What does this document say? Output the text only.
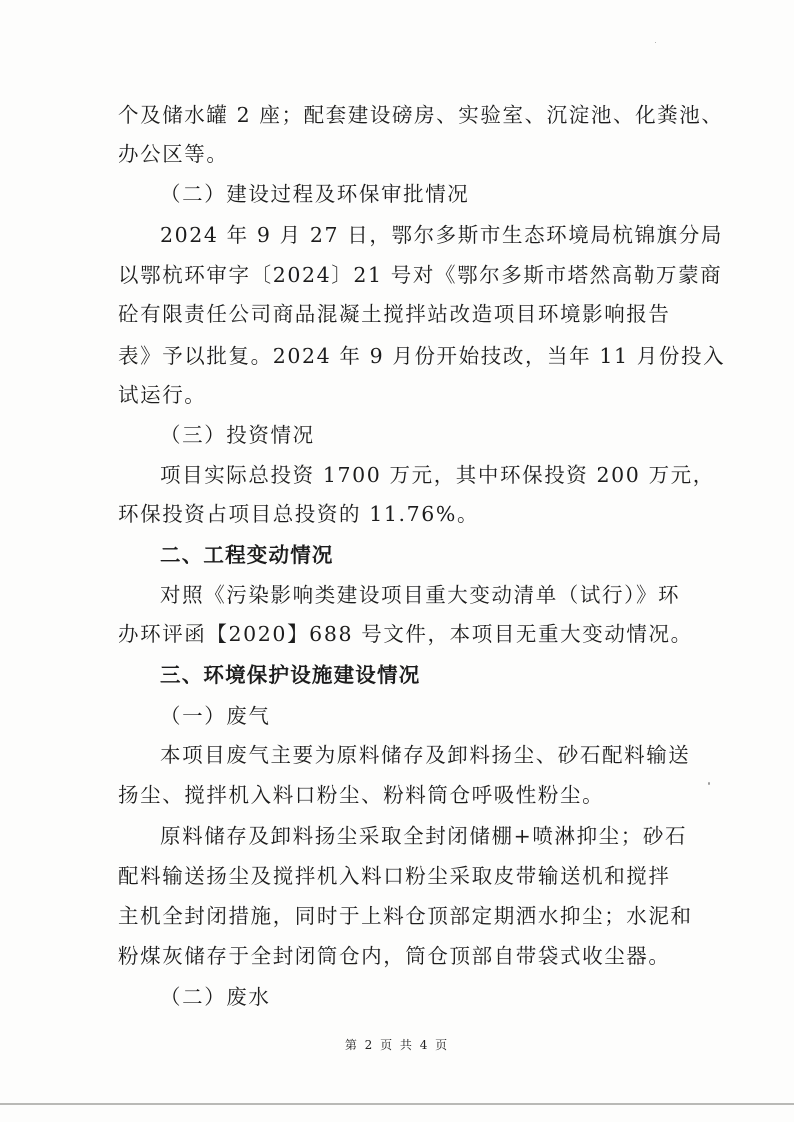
个及储水罐 2 座；配套建设磅房、实验室、沉淀池、化粪池、
办公区等。
（二）建设过程及环保审批情况
2024 年 9 月 27 日，鄂尔多斯市生态环境局杭锦旗分局
以鄂杭环审字〔2024〕21 号对《鄂尔多斯市塔然高勒万蒙商
砼有限责任公司商品混凝土搅拌站改造项目环境影响报告
表》予以批复。2024 年 9 月份开始技改，当年 11 月份投入
试运行。
（三）投资情况
项目实际总投资 1700 万元，其中环保投资 200 万元，
环保投资占项目总投资的 11.76%。
二、工程变动情况
对照《污染影响类建设项目重大变动清单（试行）》环
办环评函【2020】688 号文件，本项目无重大变动情况。
三、环境保护设施建设情况
（一）废气
本项目废气主要为原料储存及卸料扬尘、砂石配料输送
扬尘、搅拌机入料口粉尘、粉料筒仓呼吸性粉尘。
原料储存及卸料扬尘采取全封闭储棚+喷淋抑尘；砂石
配料输送扬尘及搅拌机入料口粉尘采取皮带输送机和搅拌
主机全封闭措施，同时于上料仓顶部定期洒水抑尘；水泥和
粉煤灰储存于全封闭筒仓内，筒仓顶部自带袋式收尘器。
（二）废水
第 2 页 共 4 页
